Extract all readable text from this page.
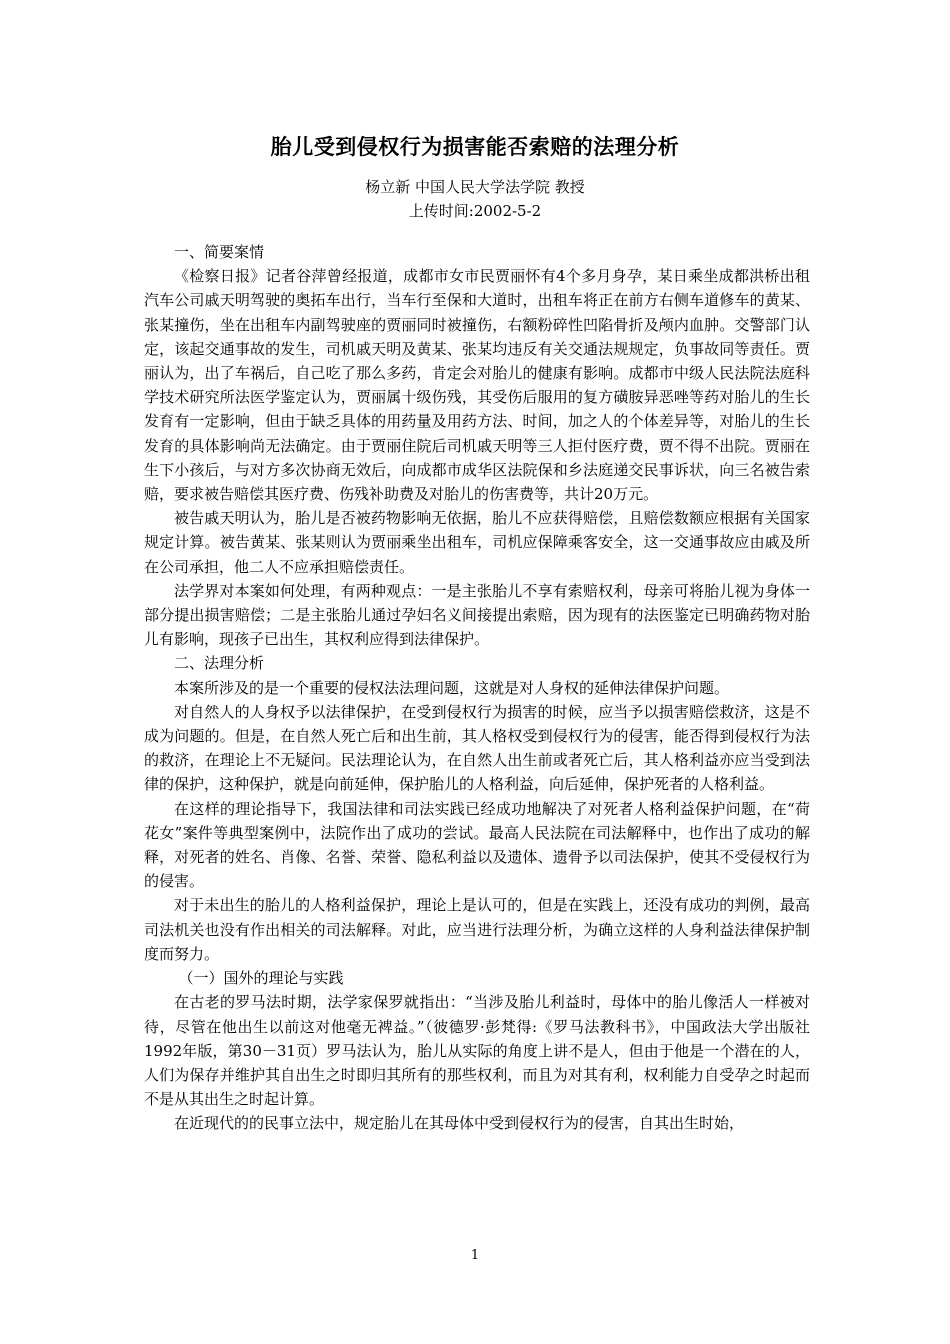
胎儿受到侵权行为损害能否索赔的法理分析
杨立新 中国人民大学法学院 教授
上传时间:2002-5-2

一、简要案情

《检察日报》记者谷萍曾经报道，成都市女市民贾丽怀有4个多月身孕，某日乘坐成都洪桥出租汽车公司戚天明驾驶的奥拓车出行，当车行至保和大道时，出租车将正在前方右侧车道修车的黄某、张某撞伤，坐在出租车内副驾驶座的贾丽同时被撞伤，右额粉碎性凹陷骨折及颅内血肿。交警部门认定，该起交通事故的发生，司机戚天明及黄某、张某均违反有关交通法规规定，负事故同等责任。贾丽认为，出了车祸后，自己吃了那么多药，肯定会对胎儿的健康有影响。成都市中级人民法院法庭科学技术研究所法医学鉴定认为，贾丽属十级伤残，其受伤后服用的复方磺胺异恶唑等药对胎儿的生长发育有一定影响，但由于缺乏具体的用药量及用药方法、时间，加之人的个体差异等，对胎儿的生长发育的具体影响尚无法确定。由于贾丽住院后司机戚天明等三人拒付医疗费，贾不得不出院。贾丽在生下小孩后，与对方多次协商无效后，向成都市成华区法院保和乡法庭递交民事诉状，向三名被告索赔，要求被告赔偿其医疗费、伤残补助费及对胎儿的伤害费等，共计20万元。

被告戚天明认为，胎儿是否被药物影响无依据，胎儿不应获得赔偿，且赔偿数额应根据有关国家规定计算。被告黄某、张某则认为贾丽乘坐出租车，司机应保障乘客安全，这一交通事故应由戚及所在公司承担，他二人不应承担赔偿责任。

法学界对本案如何处理，有两种观点：一是主张胎儿不享有索赔权利，母亲可将胎儿视为身体一部分提出损害赔偿；二是主张胎儿通过孕妇名义间接提出索赔，因为现有的法医鉴定已明确药物对胎儿有影响，现孩子已出生，其权利应得到法律保护。

二、法理分析

本案所涉及的是一个重要的侵权法法理问题，这就是对人身权的延伸法律保护问题。

对自然人的人身权予以法律保护，在受到侵权行为损害的时候，应当予以损害赔偿救济，这是不成为问题的。但是，在自然人死亡后和出生前，其人格权受到侵权行为的侵害，能否得到侵权行为法的救济，在理论上不无疑问。民法理论认为，在自然人出生前或者死亡后，其人格利益亦应当受到法律的保护，这种保护，就是向前延伸，保护胎儿的人格利益，向后延伸，保护死者的人格利益。

在这样的理论指导下，我国法律和司法实践已经成功地解决了对死者人格利益保护问题，在“荷花女”案件等典型案例中，法院作出了成功的尝试。最高人民法院在司法解释中，也作出了成功的解释，对死者的姓名、肖像、名誉、荣誉、隐私利益以及遗体、遗骨予以司法保护，使其不受侵权行为的侵害。

对于未出生的胎儿的人格利益保护，理论上是认可的，但是在实践上，还没有成功的判例，最高司法机关也没有作出相关的司法解释。对此，应当进行法理分析，为确立这样的人身利益法律保护制度而努力。

（一）国外的理论与实践

在古老的罗马法时期，法学家保罗就指出：“当涉及胎儿利益时，母体中的胎儿像活人一样被对待，尽管在他出生以前这对他毫无裨益。”（彼德罗·彭梵得:《罗马法教科书》，中国政法大学出版社1992年版，第30－31页）罗马法认为，胎儿从实际的角度上讲不是人，但由于他是一个潜在的人，人们为保存并维护其自出生之时即归其所有的那些权利，而且为对其有利，权利能力自受孕之时起而不是从其出生之时起计算。

在近现代的的民事立法中，规定胎儿在其母体中受到侵权行为的侵害，自其出生时始，

1
